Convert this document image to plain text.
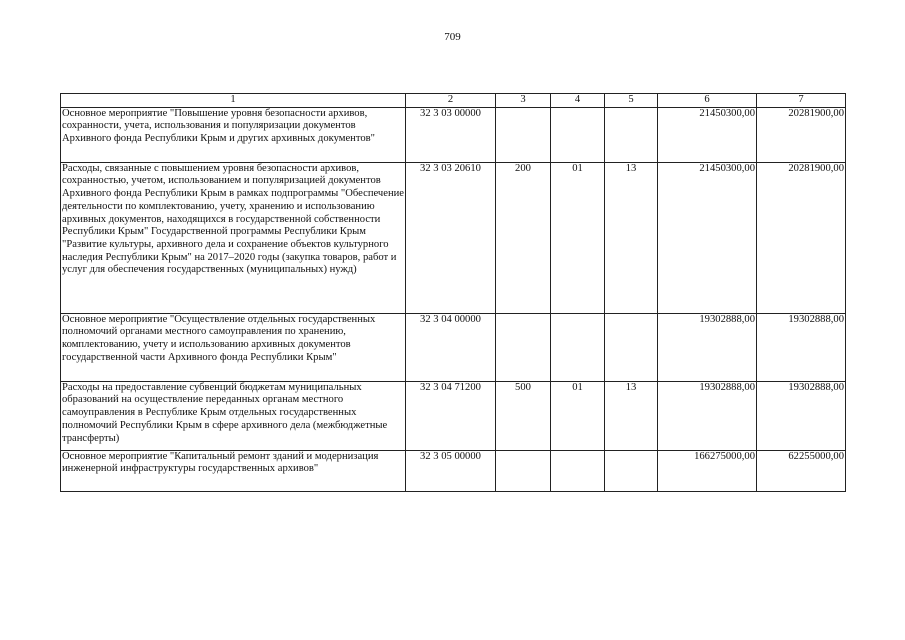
709
1	2	3	4	5	6	7
Основное мероприятие "Повышение уровня безопасности архивов, сохранности, учета, использования и популяризации документов Архивного фонда Республики Крым и других архивных документов"	32 3 03 00000				21450300,00	20281900,00
Расходы, связанные с повышением уровня безопасности архивов, сохранностью, учетом, использованием и популяризацией документов Архивного фонда Республики Крым в рамках подпрограммы "Обеспечение деятельности по комплектованию, учету, хранению и использованию архивных документов, находящихся в государственной собственности Республики Крым" Государственной программы Республики Крым "Развитие культуры, архивного дела и сохранение объектов культурного наследия Республики Крым" на 2017–2020 годы (закупка товаров, работ и услуг для обеспечения государственных (муниципальных) нужд)	32 3 03 20610	200	01	13	21450300,00	20281900,00
Основное мероприятие "Осуществление отдельных государственных полномочий органами местного самоуправления по хранению, комплектованию, учету и использованию архивных документов государственной части Архивного фонда Республики Крым"	32 3 04 00000				19302888,00	19302888,00
Расходы на предоставление субвенций бюджетам муниципальных образований на осуществление переданных органам местного самоуправления в Республике Крым отдельных государственных полномочий Республики Крым в сфере архивного дела (межбюджетные трансферты)	32 3 04 71200	500	01	13	19302888,00	19302888,00
Основное мероприятие "Капитальный ремонт зданий и модернизация инженерной инфраструктуры государственных архивов"	32 3 05 00000				166275000,00	62255000,00
